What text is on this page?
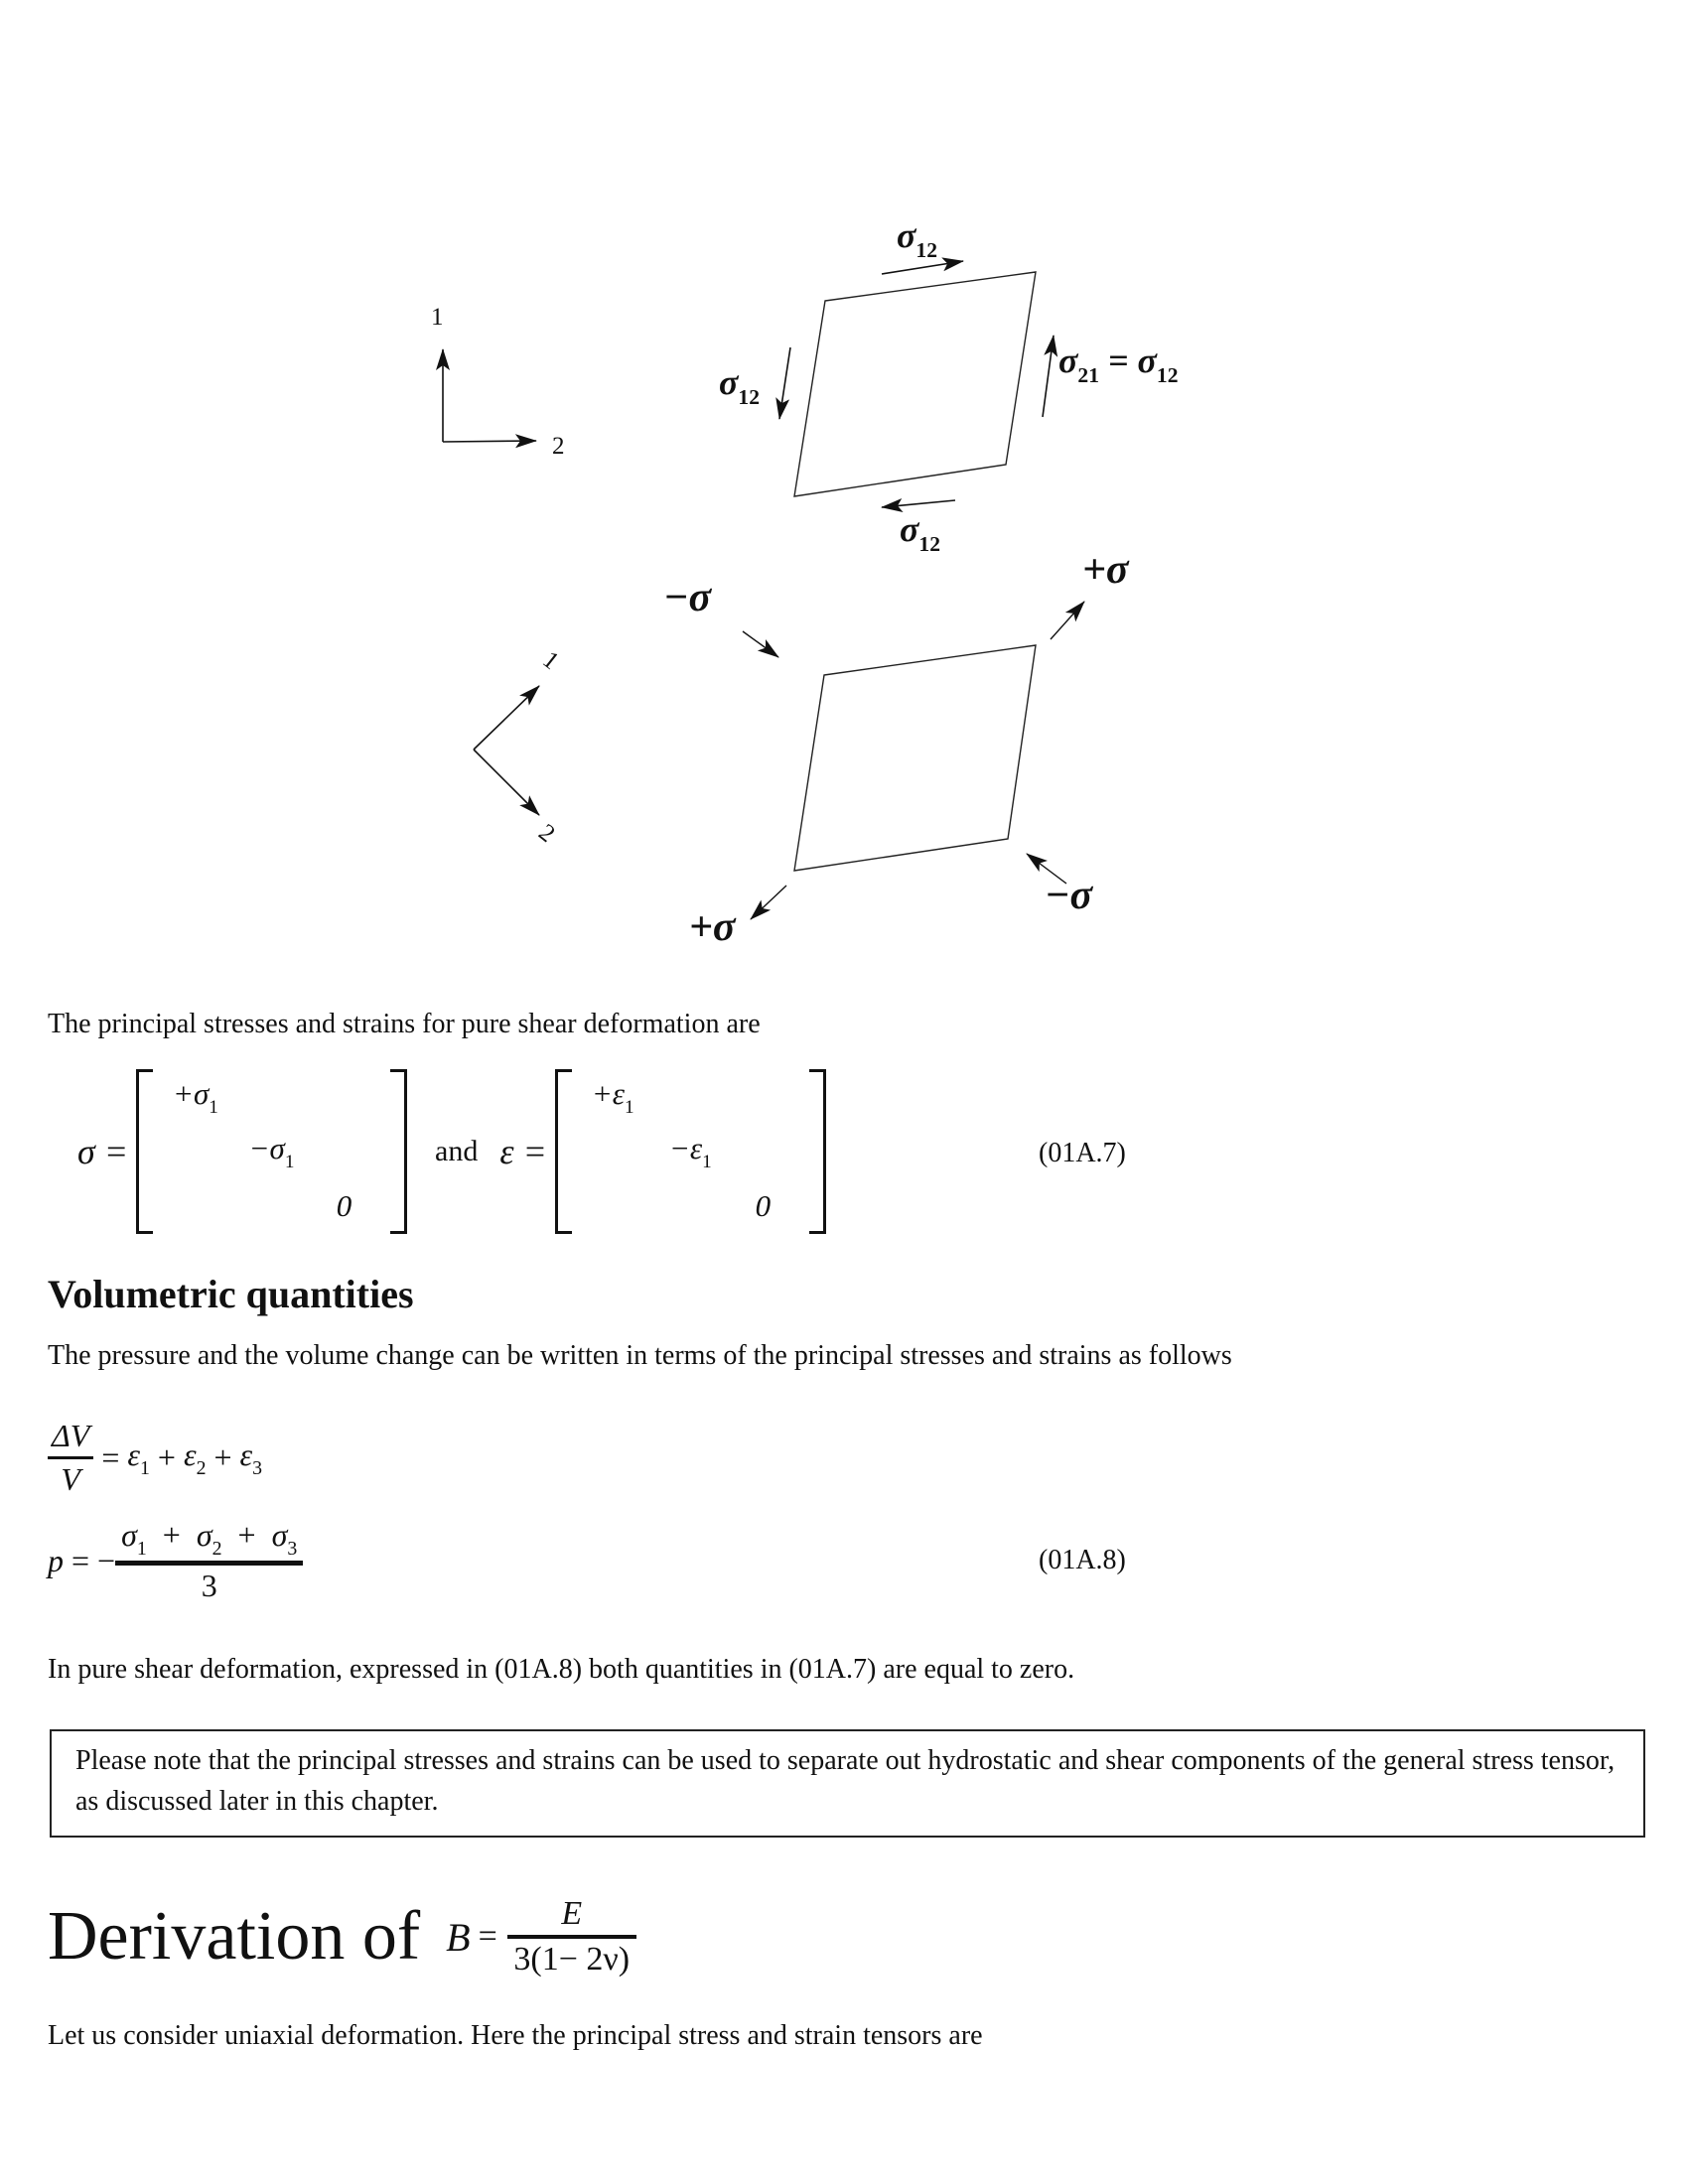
$\sigma_{12}$
$\sigma_{12}$
$\sigma_{21} = \sigma_{12}$
$\sigma_{12}$
1
2
−σ
+σ
+σ
−σ
1
2
The principal stresses and strains for pure shear deformation are
σ =
$+\sigma_1$
$-\sigma_1$
0
and ε =
$+\varepsilon_1$
$-\varepsilon_1$
0
(01A.7)
Volumetric quantities
The pressure and the volume change can be written in terms of the principal stresses and strains as follows
$\frac{\Delta V}{V} = \varepsilon_1 + \varepsilon_2 + \varepsilon_3$
p = −
$\sigma_1 + \sigma_2 + \sigma_3$
3
(01A.8)
In pure shear deformation, expressed in (01A.8) both quantities in (01A.7) are equal to zero.
Please note that the principal stresses and strains can be used to separate out hydrostatic and shear components of the general stress tensor, as discussed later in this chapter.
Derivation of $B = \frac{E}{3(1- 2\nu)}$
Let us consider uniaxial deformation. Here the principal stress and strain tensors are
